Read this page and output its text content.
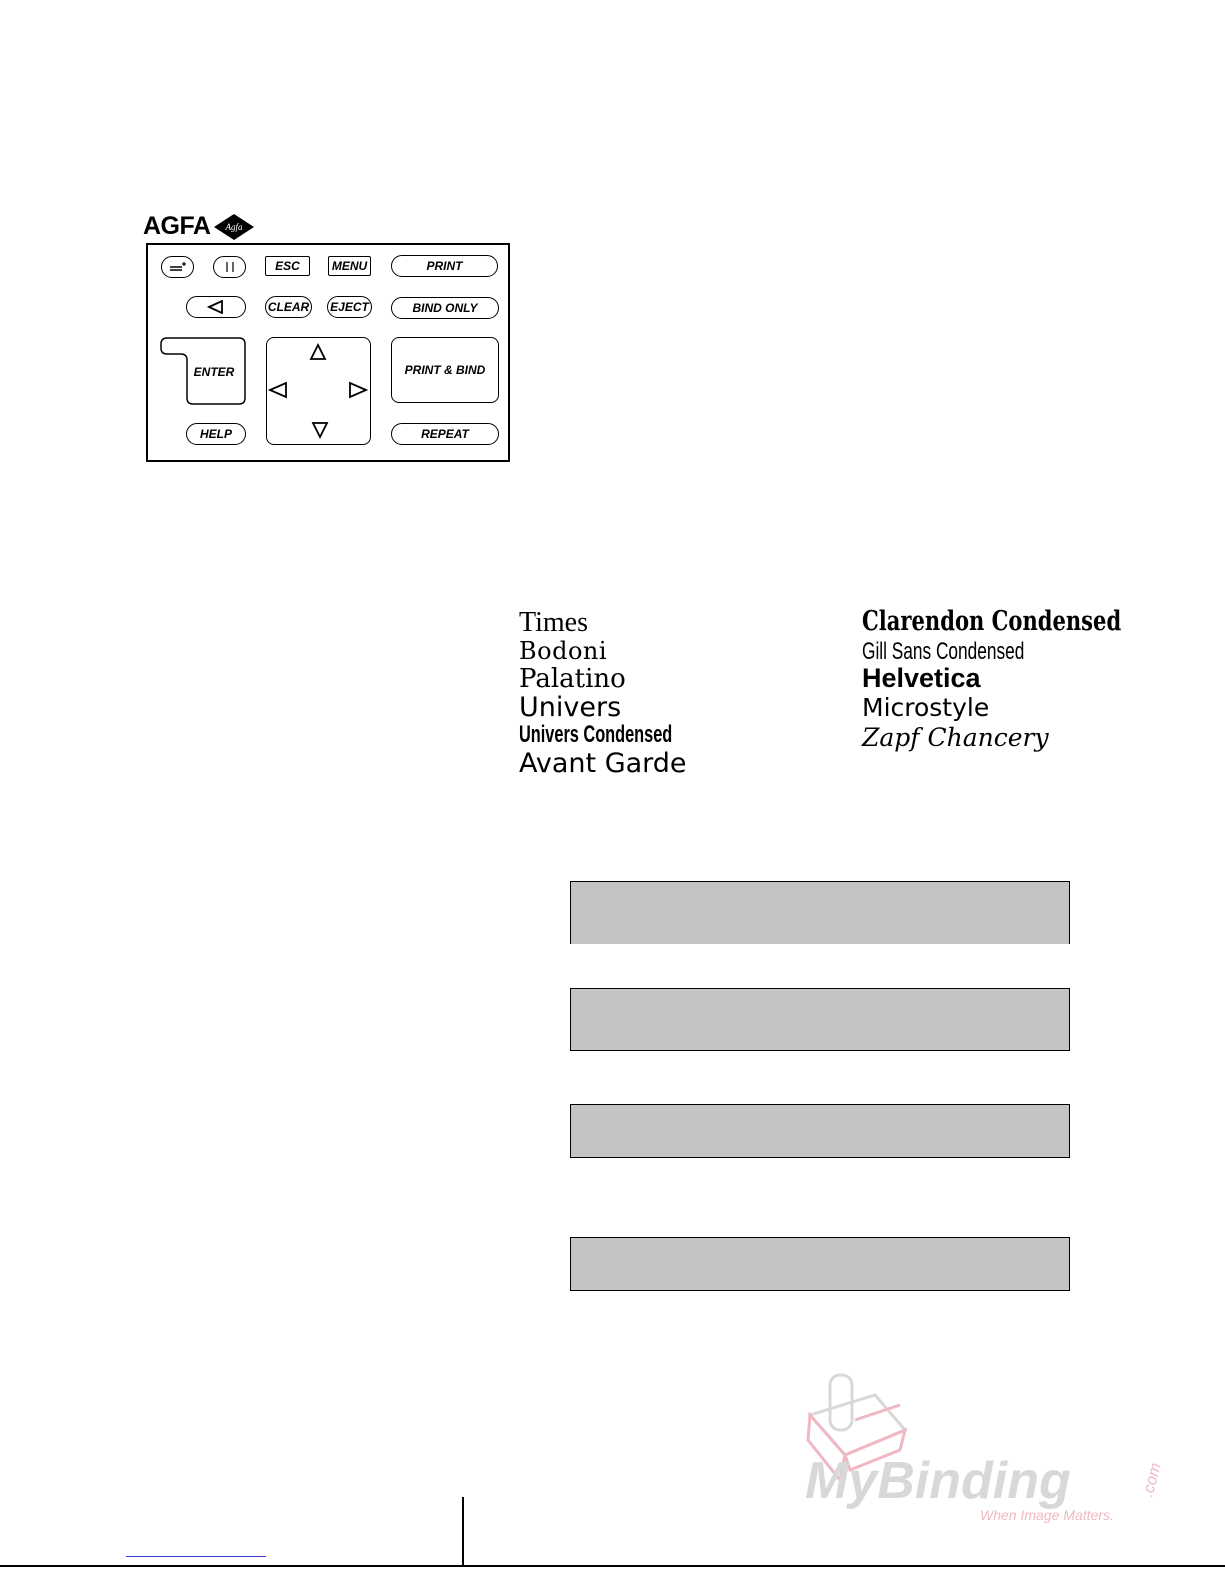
AGFA Agfa
ESC	MENU	PRINT
CLEAR EJECT	BIND ONLY
ENTER	PRINT & BIND
HELP	REPEAT
Times
Bodoni
Palatino
Univers
Univers Condensed
Avant Garde
Clarendon Condensed
Gill Sans Condensed
Helvetica
Microstyle
Zapf Chancery
MyBinding	.com
When Image Matters.
